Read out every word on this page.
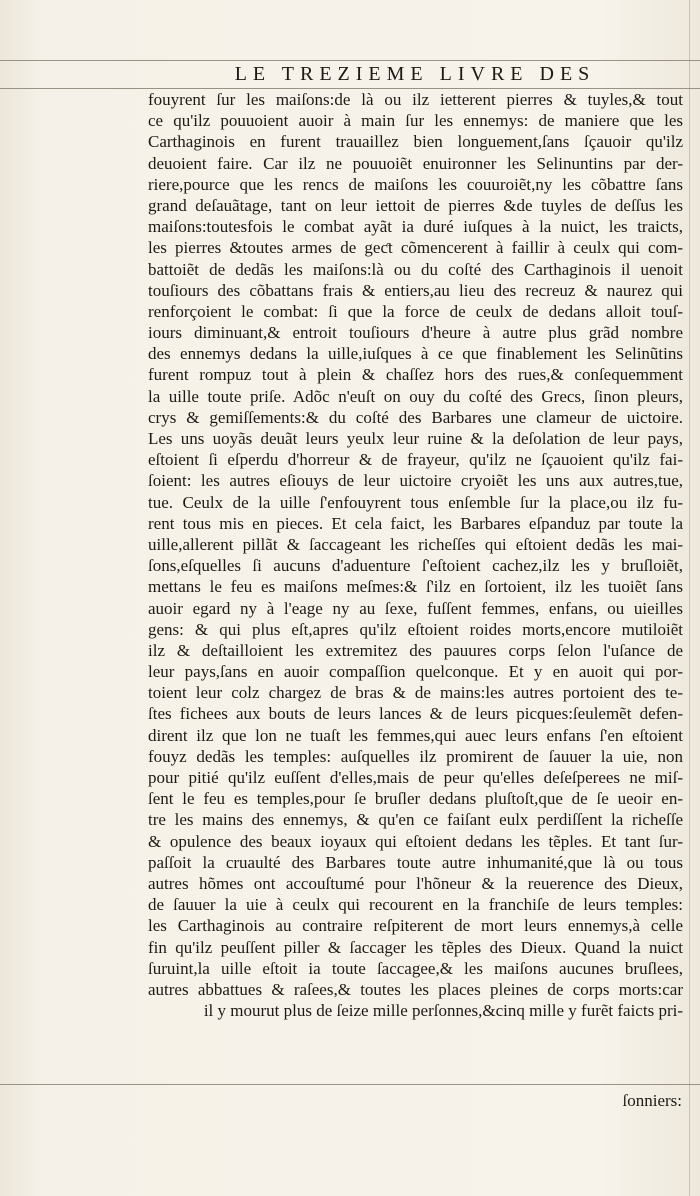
LE TREZIEME LIVRE DES
fouyrent ſur les maiſons:de là ou ilz ietterent pierres & tuyles,& tout
ce qu'ilz pouuoient auoir à main ſur les ennemys: de maniere que les
Carthaginois en furent trauaillez bien longuement,ſans ſçauoir qu'ilz
deuoient faire. Car ilz ne pouuoiẽt enuironner les Selinuntins par der-
riere,pource que les rencs de maiſons les couuroiẽt,ny les cõbattre ſans
grand deſauãtage, tant on leur iettoit de pierres &de tuyles de deſſus les
maiſons:toutesfois le combat ayãt ia duré iuſques à la nuict, les traicts,
les pierres &toutes armes de geƈt cõmencerent à faillir à ceulx qui com-
battoiẽt de dedãs les maiſons:là ou du coſté des Carthaginois il uenoit
touſiours des cõbattans frais & entiers,au lieu des recreuz & naurez qui
renforçoient le combat: ſi que la force de ceulx de dedans alloit touſ-
iours diminuant,& entroit touſiours d'heure à autre plus grãd nombre
des ennemys dedans la uille,iuſques à ce que finablement les Selinũtins
furent rompuz tout à plein & chaſſez hors des rues,& conſequemment
la uille toute priſe. Adõc n'euſt on ouy du coſté des Grecs, ſinon pleurs,
crys & gemiſſements:& du coſté des Barbares une clameur de uictoire.
Les uns uoyãs deuãt leurs yeulx leur ruine & la deſolation de leur pays,
eſtoient ſi eſperdu d'horreur & de frayeur, qu'ilz ne ſçauoient qu'ilz fai-
ſoient: les autres eſiouys de leur uictoire cryoiẽt les uns aux autres,tue,
tue. Ceulx de la uille ſ'enfouyrent tous enſemble ſur la place,ou ilz fu-
rent tous mis en pieces. Et cela faict, les Barbares eſpanduz par toute la
uille,allerent pillãt & ſaccageant les richeſſes qui eſtoient dedãs les mai-
ſons,eſquelles ſi aucuns d'aduenture ſ'eſtoient cachez,ilz les y bruſloiẽt,
mettans le feu es maiſons meſmes:& ſ'ilz en ſortoient, ilz les tuoiẽt ſans
auoir egard ny à l'eage ny au ſexe, fuſſent femmes, enfans, ou uieilles
gens: & qui plus eſt,apres qu'ilz eſtoient roides morts,encore mutiloiẽt
ilz & deſtailloient les extremitez des pauures corps ſelon l'uſance de
leur pays,ſans en auoir compaſſion quelconque. Et y en auoit qui por-
toient leur colz chargez de bras & de mains:les autres portoient des te-
ſtes fichees aux bouts de leurs lances & de leurs picques:ſeulemẽt defen-
dirent ilz que lon ne tuaſt les femmes,qui auec leurs enfans ſ'en eſtoient
fouyz dedãs les temples: auſquelles ilz promirent de ſauuer la uie, non
pour pitié qu'ilz euſſent d'elles,mais de peur qu'elles deſeſperees ne miſ-
ſent le feu es temples,pour ſe bruſler dedans pluſtoſt,que de ſe ueoir en-
tre les mains des ennemys, & qu'en ce faiſant eulx perdiſſent la richeſſe
& opulence des beaux ioyaux qui eſtoient dedans les tẽples. Et tant ſur-
paſſoit la cruaulté des Barbares toute autre inhumanité,que là ou tous
autres hõmes ont accouſtumé pour l'hõneur & la reuerence des Dieux,
de ſauuer la uie à ceulx qui recourent en la franchiſe de leurs temples:
les Carthaginois au contraire reſpiterent de mort leurs ennemys,à celle
fin qu'ilz peuſſent piller & ſaccager les tẽples des Dieux. Quand la nuict
ſuruint,la uille eſtoit ia toute ſaccagee,& les maiſons aucunes bruſlees,
autres abbattues & raſees,& toutes les places pleines de corps morts:car
il y mourut plus de ſeize mille perſonnes,&cinq mille y furẽt faicts pri-
ſonniers:
